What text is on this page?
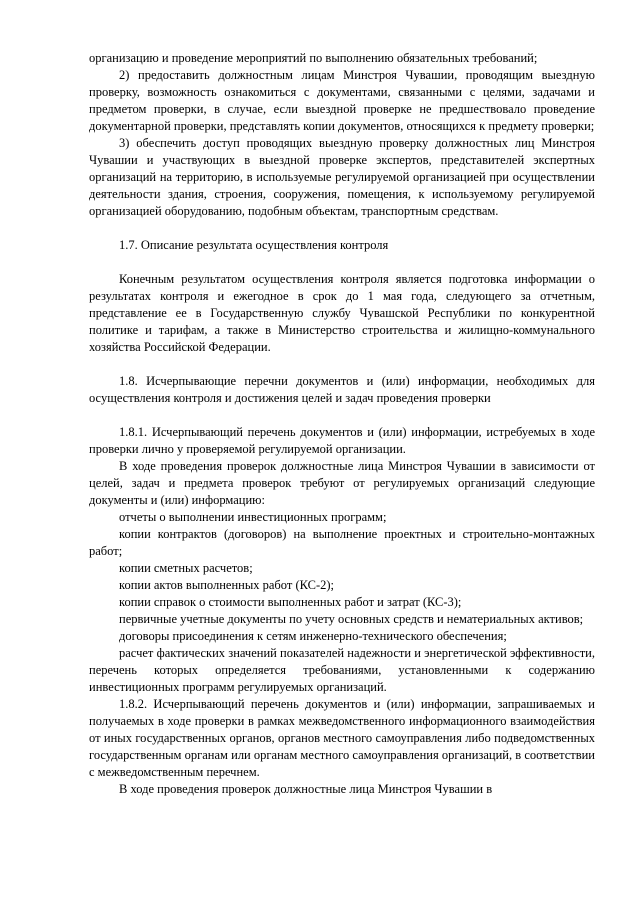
организацию и проведение мероприятий по выполнению обязательных требований;

2) предоставить должностным лицам Минстроя Чувашии, проводящим выездную проверку, возможность ознакомиться с документами, связанными с целями, задачами и предметом проверки, в случае, если выездной проверке не предшествовало проведение документарной проверки, представлять копии документов, относящихся к предмету проверки;

3) обеспечить доступ проводящих выездную проверку должностных лиц Минстроя Чувашии и участвующих в выездной проверке экспертов, представителей экспертных организаций на территорию, в используемые регулируемой организацией при осуществлении деятельности здания, строения, сооружения, помещения, к используемому регулируемой организацией оборудованию, подобным объектам, транспортным средствам.

1.7. Описание результата осуществления контроля

Конечным результатом осуществления контроля является подготовка информации о результатах контроля и ежегодное в срок до 1 мая года, следующего за отчетным, представление ее в Государственную службу Чувашской Республики по конкурентной политике и тарифам, а также в Министерство строительства и жилищно-коммунального хозяйства Российской Федерации.

1.8. Исчерпывающие перечни документов и (или) информации, необходимых для осуществления контроля и достижения целей и задач проведения проверки

1.8.1. Исчерпывающий перечень документов и (или) информации, истребуемых в ходе проверки лично у проверяемой регулируемой организации.

В ходе проведения проверок должностные лица Минстроя Чувашии в зависимости от целей, задач и предмета проверок требуют от регулируемых организаций следующие документы и (или) информацию:

отчеты о выполнении инвестиционных программ;

копии контрактов (договоров) на выполнение проектных и строительно-монтажных работ;

копии сметных расчетов;

копии актов выполненных работ (КС-2);

копии справок о стоимости выполненных работ и затрат (КС-3);

первичные учетные документы по учету основных средств и нематериальных активов;

договоры присоединения к сетям инженерно-технического обеспечения;

расчет фактических значений показателей надежности и энергетической эффективности, перечень которых определяется требованиями, установленными к содержанию инвестиционных программ регулируемых организаций.

1.8.2. Исчерпывающий перечень документов и (или) информации, запрашиваемых и получаемых в ходе проверки в рамках межведомственного информационного взаимодействия от иных государственных органов, органов местного самоуправления либо подведомственных государственным органам или органам местного самоуправления организаций, в соответствии с межведомственным перечнем.

В ходе проведения проверок должностные лица Минстроя Чувашии в
